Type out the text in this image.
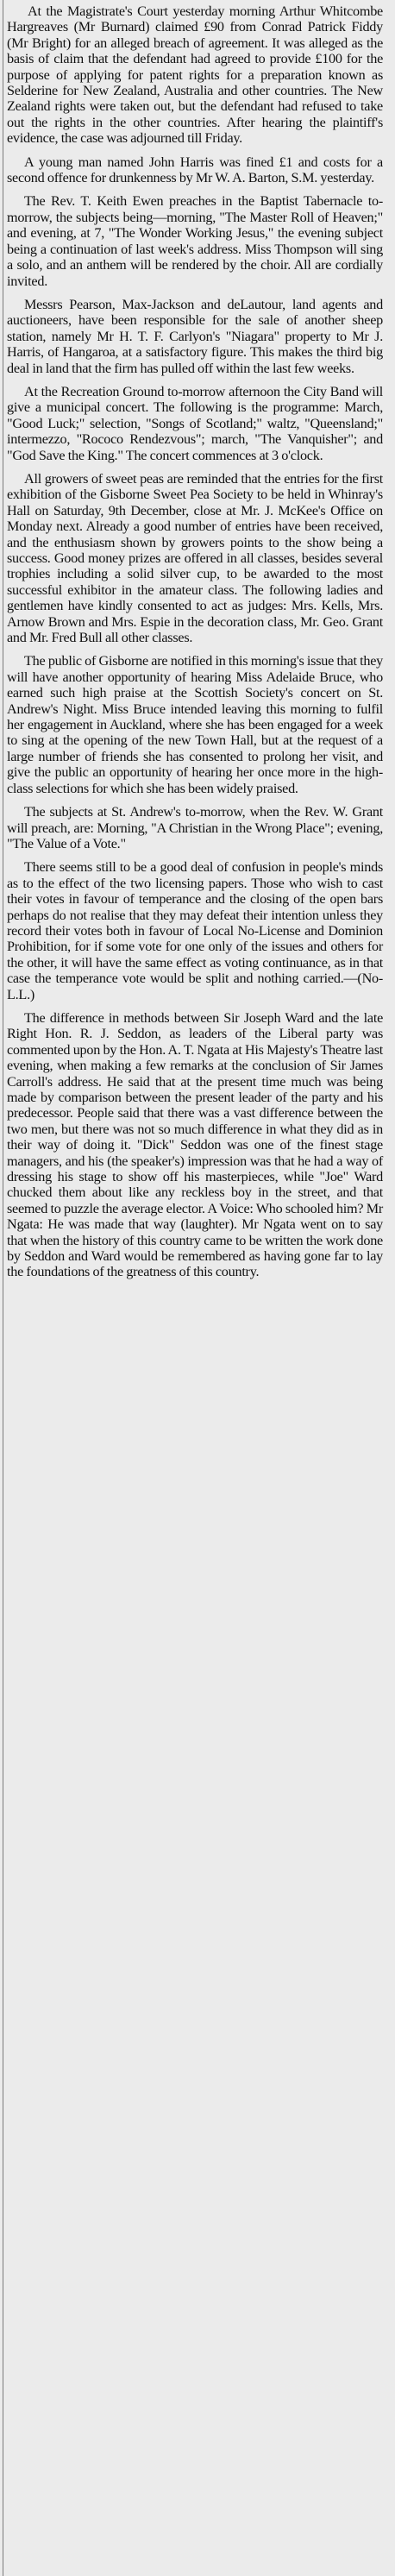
At the Magistrate's Court yesterday morning Arthur Whitcombe Hargreaves (Mr Burnard) claimed £90 from Conrad Patrick Fiddy (Mr Bright) for an alleged breach of agreement. It was alleged as the basis of claim that the defendant had agreed to provide £100 for the purpose of applying for patent rights for a preparation known as Selderine for New Zealand, Australia and other countries. The New Zealand rights were taken out, but the defendant had refused to take out the rights in the other countries. After hearing the plaintiff's evidence, the case was adjourned till Friday.

A young man named John Harris was fined £1 and costs for a second offence for drunkenness by Mr W. A. Barton, S.M. yesterday.

The Rev. T. Keith Ewen preaches in the Baptist Tabernacle to-morrow, the subjects being—morning, "The Master Roll of Heaven;" and evening, at 7, "The Wonder Working Jesus," the evening subject being a continuation of last week's address. Miss Thompson will sing a solo, and an anthem will be rendered by the choir. All are cordially invited.

Messrs Pearson, Max-Jackson and deLautour, land agents and auctioneers, have been responsible for the sale of another sheep station, namely Mr H. T. F. Carlyon's "Niagara" property to Mr J. Harris, of Hangaroa, at a satisfactory figure. This makes the third big deal in land that the firm has pulled off within the last few weeks.

At the Recreation Ground to-morrow afternoon the City Band will give a municipal concert. The following is the programme: March, "Good Luck;" selection, "Songs of Scotland;" waltz, "Queensland;" intermezzo, "Rococo Rendezvous"; march, "The Vanquisher"; and "God Save the King." The concert commences at 3 o'clock.

All growers of sweet peas are reminded that the entries for the first exhibition of the Gisborne Sweet Pea Society to be held in Whinray's Hall on Saturday, 9th December, close at Mr. J. McKee's Office on Monday next. Already a good number of entries have been received, and the enthusiasm shown by growers points to the show being a success. Good money prizes are offered in all classes, besides several trophies including a solid silver cup, to be awarded to the most successful exhibitor in the amateur class. The following ladies and gentlemen have kindly consented to act as judges: Mrs. Kells, Mrs. Arnow Brown and Mrs. Espie in the decoration class, Mr. Geo. Grant and Mr. Fred Bull all other classes.

The public of Gisborne are notified in this morning's issue that they will have another opportunity of hearing Miss Adelaide Bruce, who earned such high praise at the Scottish Society's concert on St. Andrew's Night. Miss Bruce intended leaving this morning to fulfil her engagement in Auckland, where she has been engaged for a week to sing at the opening of the new Town Hall, but at the request of a large number of friends she has consented to prolong her visit, and give the public an opportunity of hearing her once more in the high-class selections for which she has been widely praised.

The subjects at St. Andrew's to-morrow, when the Rev. W. Grant will preach, are: Morning, "A Christian in the Wrong Place"; evening, "The Value of a Vote."

There seems still to be a good deal of confusion in people's minds as to the effect of the two licensing papers. Those who wish to cast their votes in favour of temperance and the closing of the open bars perhaps do not realise that they may defeat their intention unless they record their votes both in favour of Local No-License and Dominion Prohibition, for if some vote for one only of the issues and others for the other, it will have the same effect as voting continuance, as in that case the temperance vote would be split and nothing carried.—(No-L.L.)

The difference in methods between Sir Joseph Ward and the late Right Hon. R. J. Seddon, as leaders of the Liberal party was commented upon by the Hon. A. T. Ngata at His Majesty's Theatre last evening, when making a few remarks at the conclusion of Sir James Carroll's address. He said that at the present time much was being made by comparison between the present leader of the party and his predecessor. People said that there was a vast difference between the two men, but there was not so much difference in what they did as in their way of doing it. "Dick" Seddon was one of the finest stage managers, and his (the speaker's) impression was that he had a way of dressing his stage to show off his masterpieces, while "Joe" Ward chucked them about like any reckless boy in the street, and that seemed to puzzle the average elector. A Voice: Who schooled him? Mr Ngata: He was made that way (laughter). Mr Ngata went on to say that when the history of this country came to be written the work done by Seddon and Ward would be remembered as having gone far to lay the foundations of the greatness of this country.
